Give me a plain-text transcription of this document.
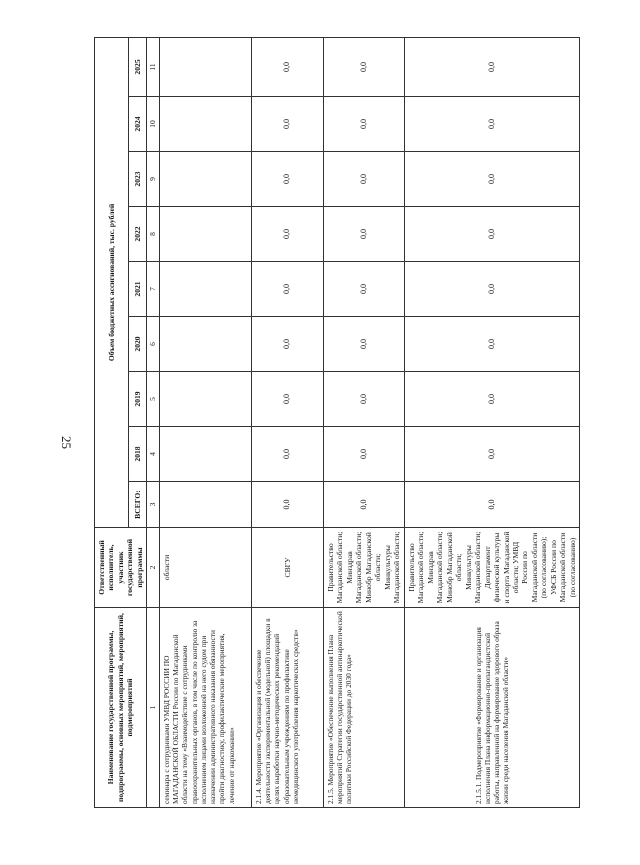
25
Наименование государственной программы, подпрограммы, основных мероприятий, мероприятий, подмероприятий	Ответственный исполнитель, участник государственной программы	Объем бюджетных ассигнований, тыс. рублей								
		ВСЕГО:	2018	2019	2020	2021	2022	2023	2024	2025
1	2	3	4	5	6	7	8	9	10	11
семинара с сотрудниками УМВД РОССИИ ПО МАГАДАНСКОЙ ОБЛАСТИ России по Магаданской области на тему «Взаимодействие с сотрудниками правоохранительных органов, в том числе по контролю за исполнением лицами возложенной на него судом при назначении административного наказания обязанности пройти диагностику, профилактические мероприятия, лечение от наркомании»	области									
2.1.4. Мероприятие «Организация и обеспечение деятельности экспериментальной (модельной) площадки в целях выработки научно-методических рекомендаций образовательным учреждениям по профилактике немедицинского употребления наркотических средств»	СВГУ	0,0	0,0	0,0	0,0	0,0	0,0	0,0	0,0	0,0
2.1.5. Мероприятие «Обеспечение выполнения Плана мероприятий Стратегии государственной антинаркотической политики Российской Федерации до 2030 года»	Правительство Магаданской области; Минздрав Магаданской области; Минобр Магаданской области; Минкультуры Магаданской области;	0,0	0,0	0,0	0,0	0,0	0,0	0,0	0,0	0,0
2.1.5.1. Подмероприятие «Формирование и организация исполнения Плана информационно-пропагандистской работы, направленной на формирование здорового образа жизни среди населения Магаданской области»	Правительство Магаданской области; Минздрав Магаданской области; Минобр Магаданской области; Минкультуры Магаданской области; Департамент физической культуры и спорта Магаданской области; УМВД России по Магаданской области (по согласованию); УФСБ России по Магаданской области (по согласованию)	0,0	0,0	0,0	0,0	0,0	0,0	0,0	0,0	0,0
